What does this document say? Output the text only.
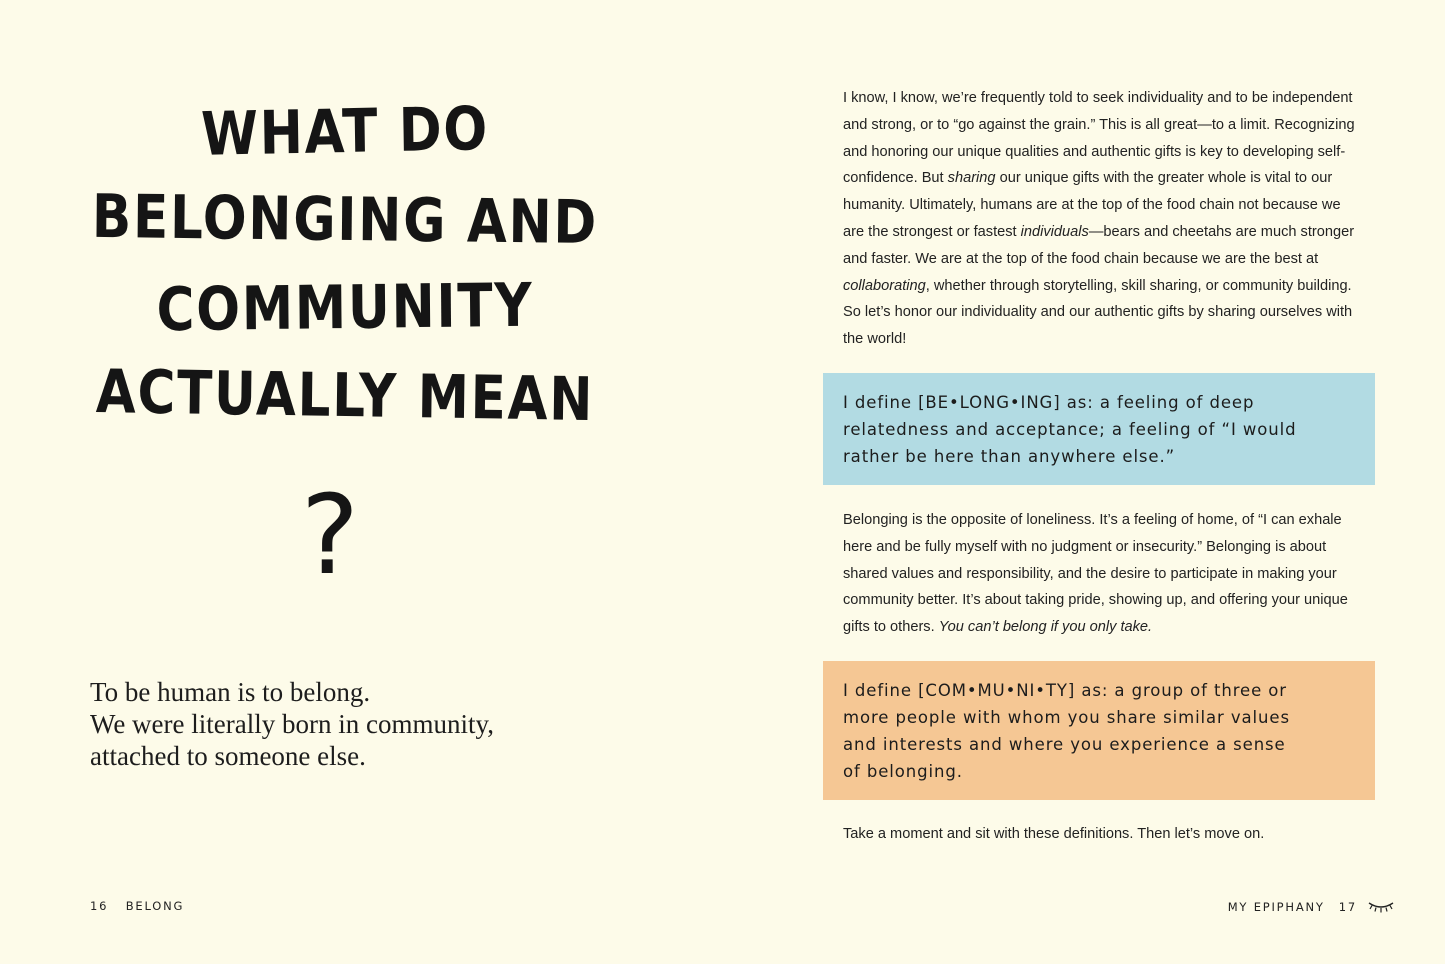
WHAT DO
BELONGING AND
COMMUNITY
ACTUALLY MEAN
?
To be human is to belong.
We were literally born in community,
attached to someone else.
16 BELONG

I know, I know, we’re frequently told to seek individuality and to be independent and strong, or to “go against the grain.” This is all great—to a limit. Recognizing and honoring our unique qualities and authentic gifts is key to developing self-confidence. But sharing our unique gifts with the greater whole is vital to our humanity. Ultimately, humans are at the top of the food chain not because we are the strongest or fastest individuals—bears and cheetahs are much stronger and faster. We are at the top of the food chain because we are the best at collaborating, whether through storytelling, skill sharing, or community building. So let’s honor our individuality and our authentic gifts by sharing ourselves with the world!

I define [BE•LONG•ING] as: a feeling of deep
relatedness and acceptance; a feeling of “I would
rather be here than anywhere else.”

Belonging is the opposite of loneliness. It’s a feeling of home, of “I can exhale here and be fully myself with no judgment or insecurity.” Belonging is about shared values and responsibility, and the desire to participate in making your community better. It’s about taking pride, showing up, and offering your unique gifts to others. You can’t belong if you only take.

I define [COM•MU•NI•TY] as: a group of three or
more people with whom you share similar values
and interests and where you experience a sense
of belonging.

Take a moment and sit with these definitions. Then let’s move on.

MY EPIPHANY 17
